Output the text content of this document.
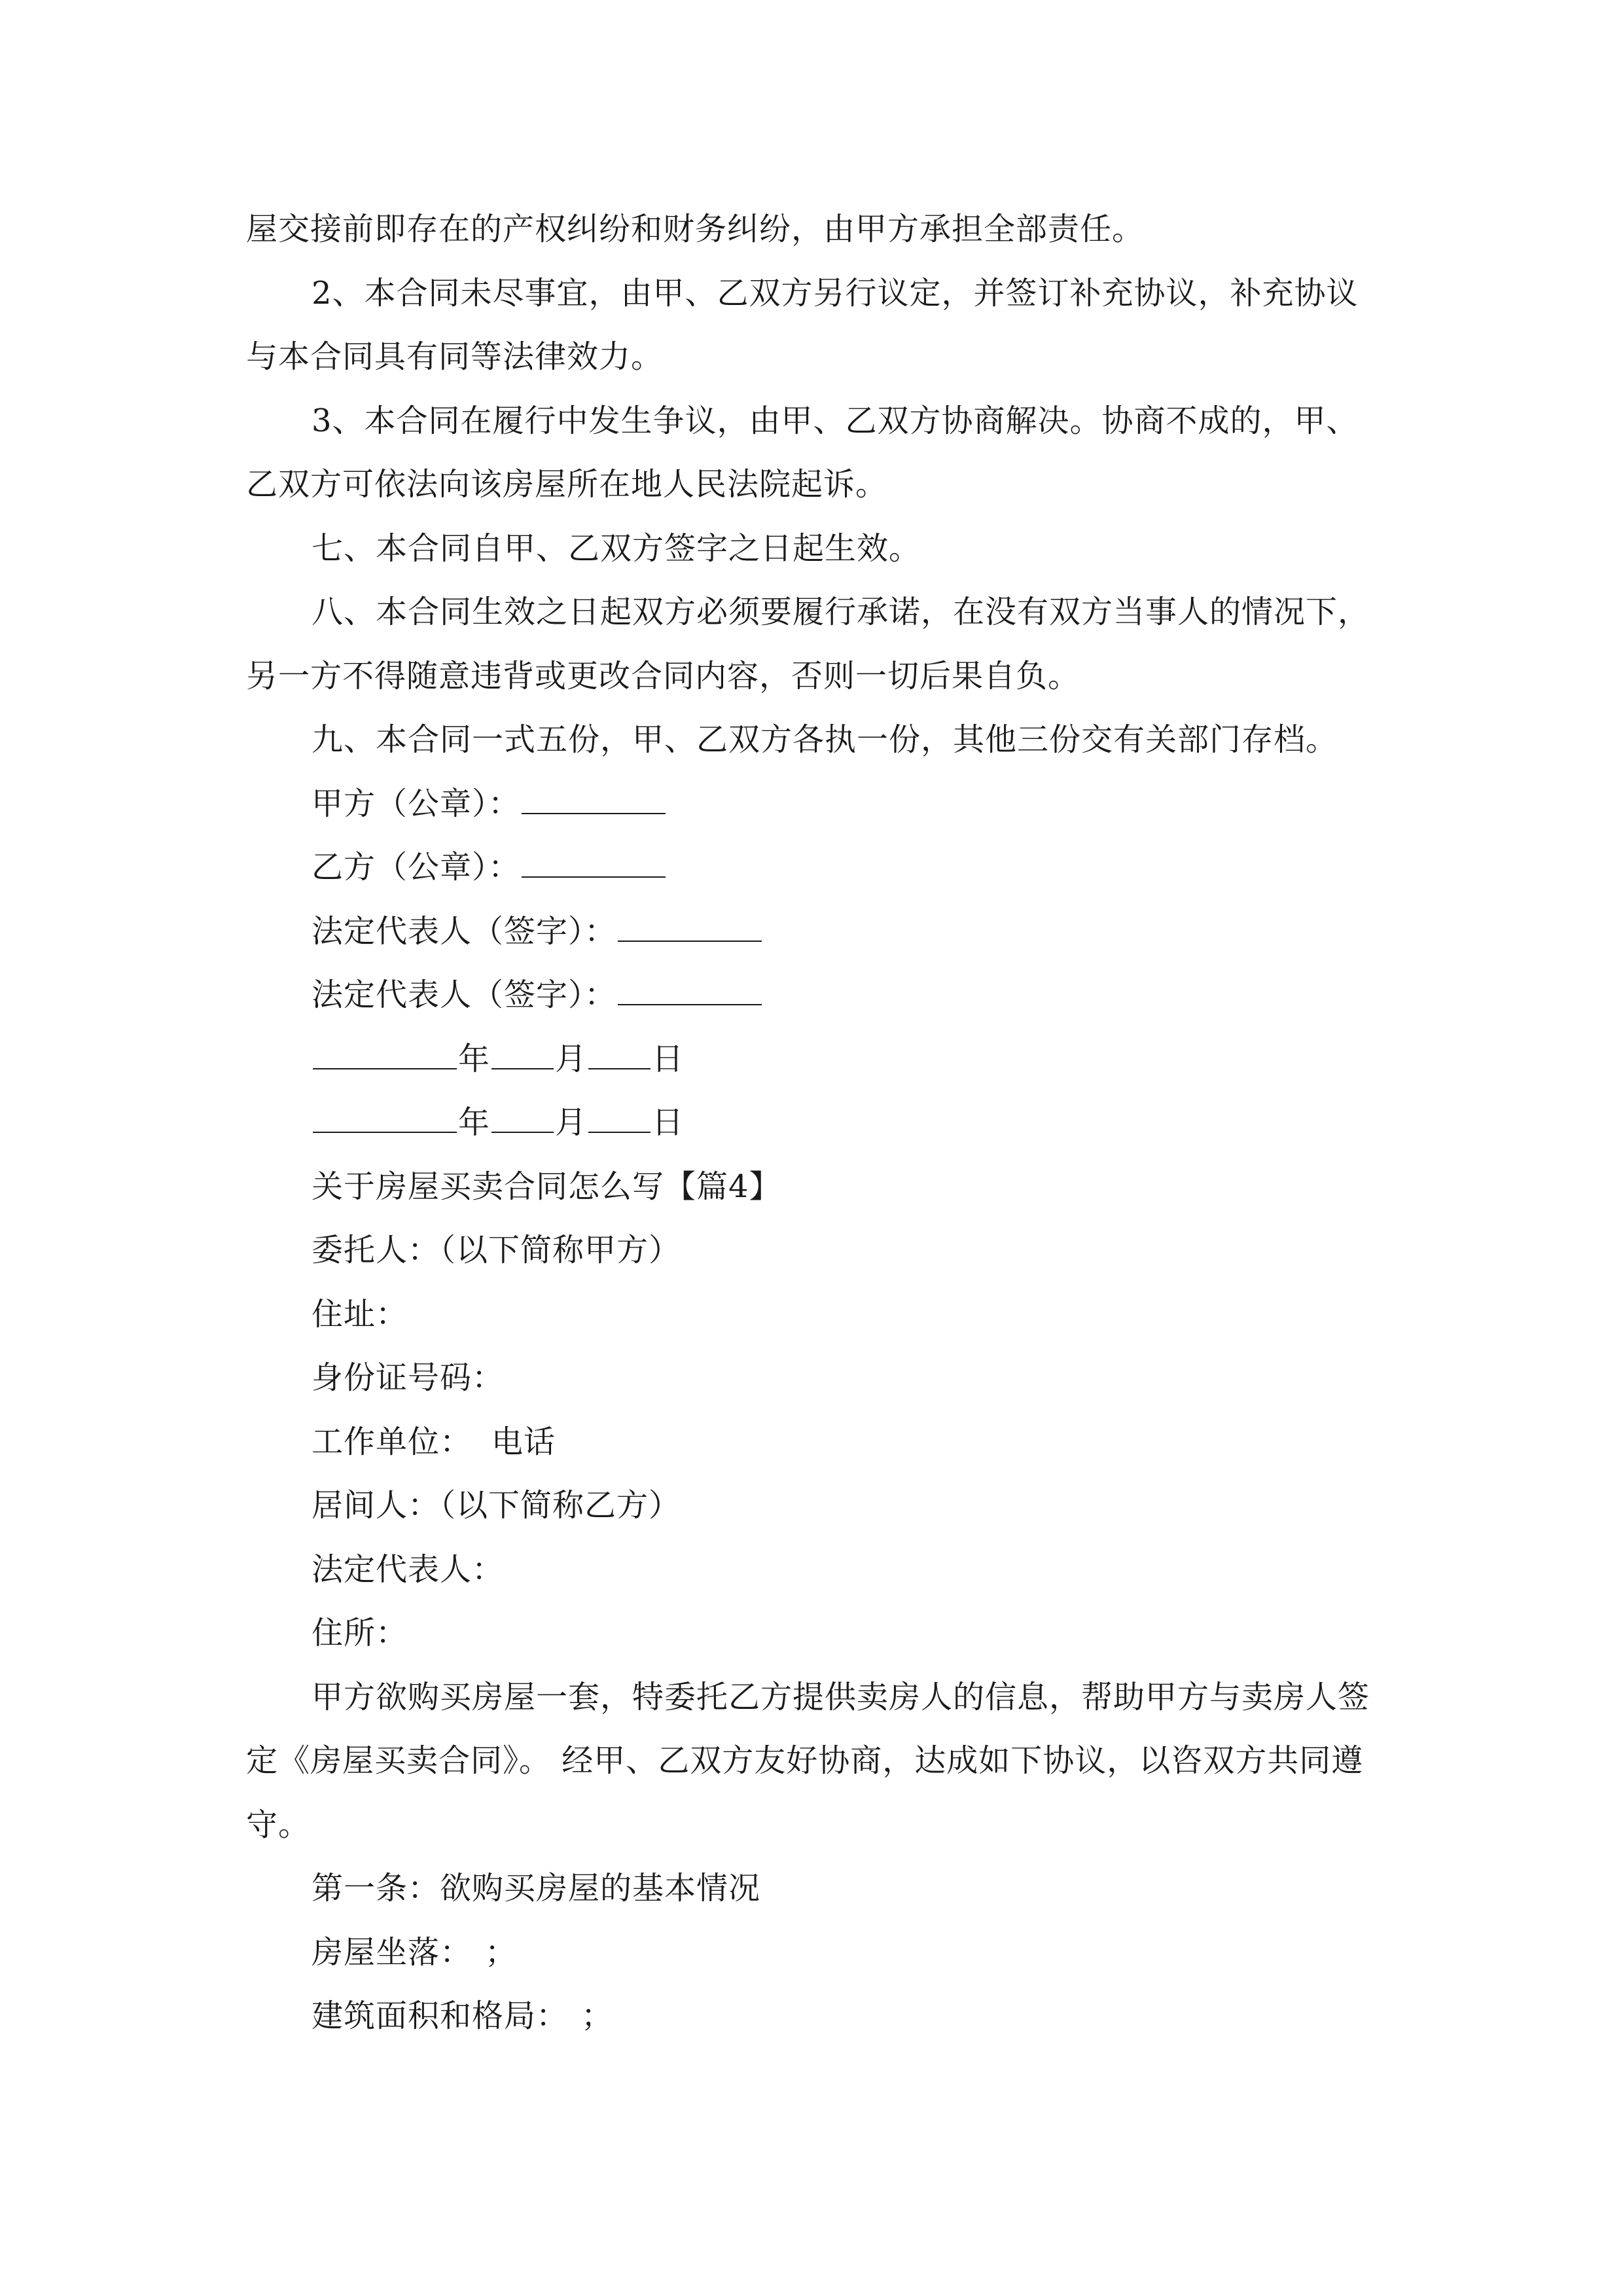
屋交接前即存在的产权纠纷和财务纠纷，由甲方承担全部责任。
2、本合同未尽事宜，由甲、乙双方另行议定，并签订补充协议，补充协议
与本合同具有同等法律效力。
3、本合同在履行中发生争议，由甲、乙双方协商解决。协商不成的，甲、
乙双方可依法向该房屋所在地人民法院起诉。
七、本合同自甲、乙双方签字之日起生效。
八、本合同生效之日起双方必须要履行承诺，在没有双方当事人的情况下，
另一方不得随意违背或更改合同内容，否则一切后果自负。
九、本合同一式五份，甲、乙双方各执一份，其他三份交有关部门存档。
甲方（公章）：
乙方（公章）：
法定代表人（签字）：
法定代表人（签字）：
年 月 日
年 月 日
关于房屋买卖合同怎么写【篇4】
委托人：（以下简称甲方）
住址：
身份证号码：
工作单位： 电话
居间人：（以下简称乙方）
法定代表人：
住所：
甲方欲购买房屋一套，特委托乙方提供卖房人的信息，帮助甲方与卖房人签
定《房屋买卖合同》。 经甲、乙双方友好协商，达成如下协议，以咨双方共同遵
守。
第一条：欲购买房屋的基本情况
房屋坐落： ；
建筑面积和格局： ；
